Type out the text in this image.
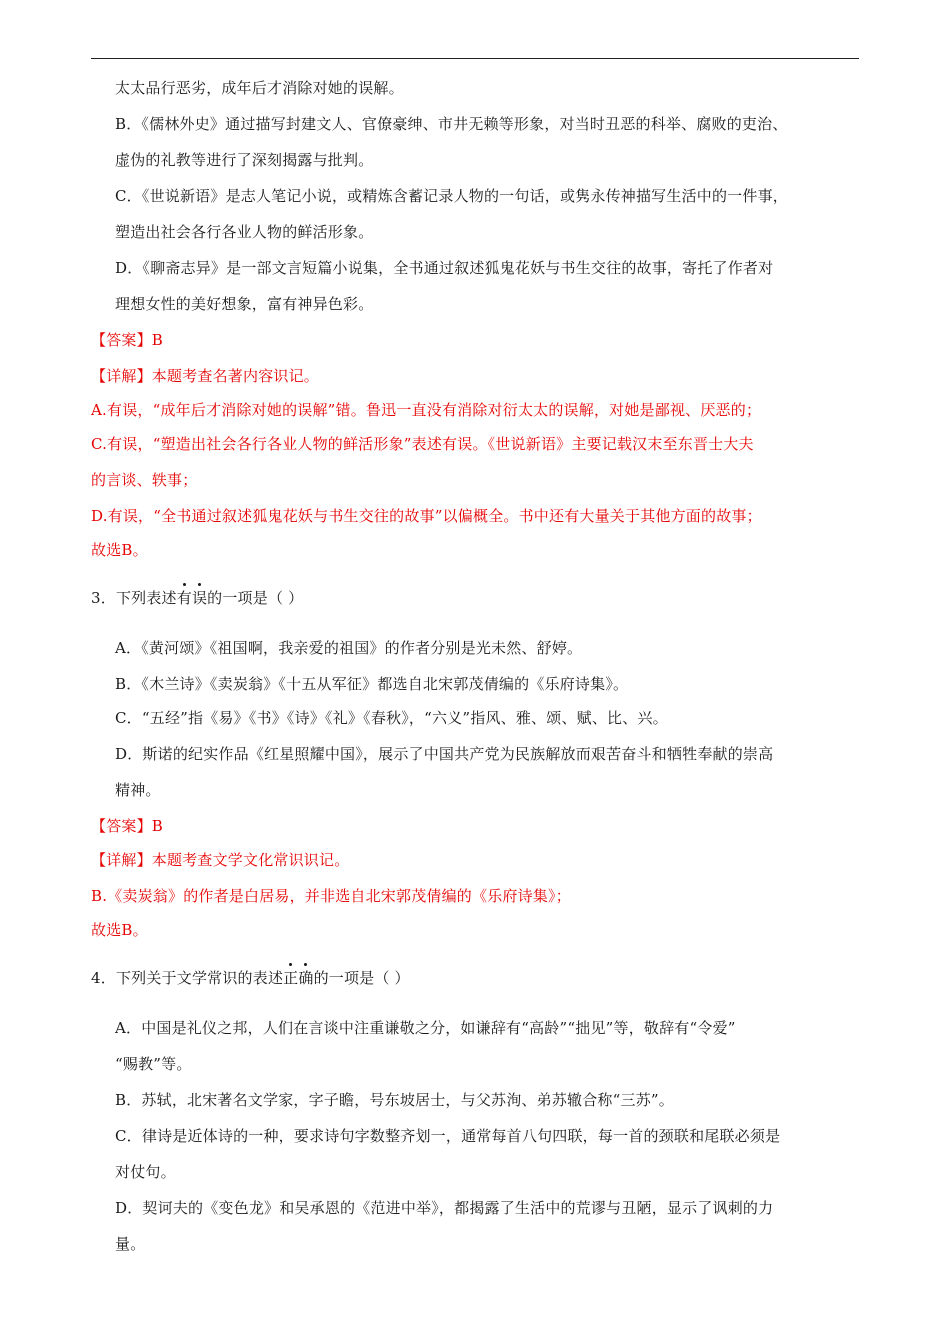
太太品行恶劣，成年后才消除对她的误解。
B．《儒林外史》通过描写封建文人、官僚豪绅、市井无赖等形象，对当时丑恶的科举、腐败的吏治、
虚伪的礼教等进行了深刻揭露与批判。
C．《世说新语》是志人笔记小说，或精炼含蓄记录人物的一句话，或隽永传神描写生活中的一件事，
塑造出社会各行各业人物的鲜活形象。
D．《聊斋志异》是一部文言短篇小说集，全书通过叙述狐鬼花妖与书生交往的故事，寄托了作者对
理想女性的美好想象，富有神异色彩。
【答案】B
【详解】本题考查名著内容识记。
A.有误，“成年后才消除对她的误解”错。鲁迅一直没有消除对衍太太的误解，对她是鄙视、厌恶的；
C.有误，“塑造出社会各行各业人物的鲜活形象”表述有误。《世说新语》主要记载汉末至东晋士大夫
的言谈、轶事；
D.有误，“全书通过叙述狐鬼花妖与书生交往的故事”以偏概全。书中还有大量关于其他方面的故事；
故选B。
3．下列表述有误的一项是（ ）
A．《黄河颂》《祖国啊，我亲爱的祖国》的作者分别是光未然、舒婷。
B．《木兰诗》《卖炭翁》《十五从军征》都选自北宋郭茂倩编的《乐府诗集》。
C．“五经”指《易》《书》《诗》《礼》《春秋》，“六义”指风、雅、颂、赋、比、兴。
D．斯诺的纪实作品《红星照耀中国》，展示了中国共产党为民族解放而艰苦奋斗和牺牲奉献的崇高
精神。
【答案】B
【详解】本题考查文学文化常识识记。
B.《卖炭翁》的作者是白居易，并非选自北宋郭茂倩编的《乐府诗集》；
故选B。
4．下列关于文学常识的表述正确的一项是（ ）
A．中国是礼仪之邦，人们在言谈中注重谦敬之分，如谦辞有“高龄”“拙见”等，敬辞有“令爱”
“赐教”等。
B．苏轼，北宋著名文学家，字子瞻，号东坡居士，与父苏洵、弟苏辙合称“三苏”。
C．律诗是近体诗的一种，要求诗句字数整齐划一，通常每首八句四联，每一首的颈联和尾联必须是
对仗句。
D．契诃夫的《变色龙》和吴承恩的《范进中举》，都揭露了生活中的荒谬与丑陋，显示了讽刺的力
量。
